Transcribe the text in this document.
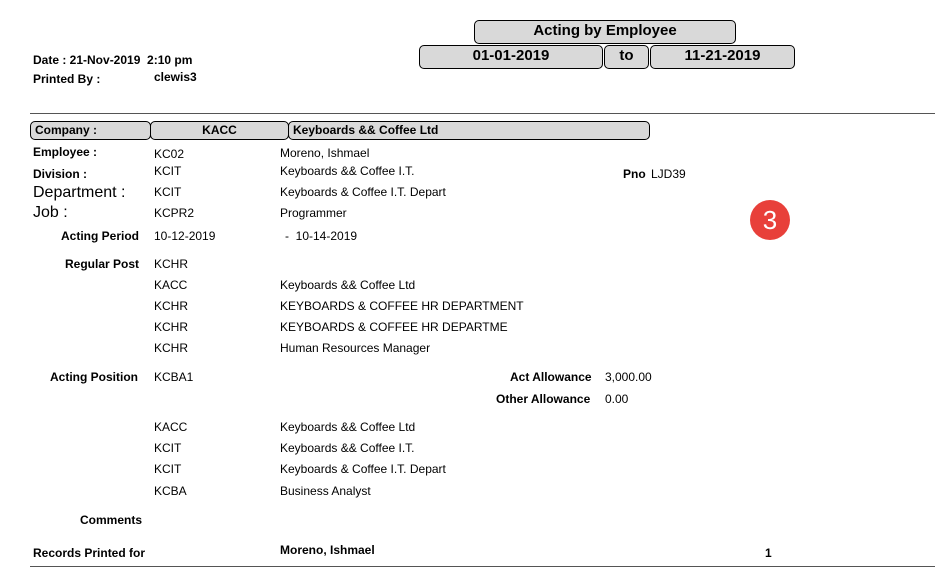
Acting by Employee
01-01-2019	to	11-21-2019
Date : 21-Nov-2019  2:10 pm
Printed By :	clewis3
Company :	KACC	Keyboards && Coffee Ltd
Employee :	KC02	Moreno, Ishmael
Division :	KCIT	Keyboards && Coffee I.T.	Pno LJD39
Department : KCIT	Keyboards & Coffee I.T. Depart
Job :	KCPR2	Programmer
Acting Period 10-12-2019	-  10-14-2019
Regular Post KCHR
KACC	Keyboards && Coffee Ltd
KCHR	KEYBOARDS & COFFEE HR DEPARTMENT
KCHR	KEYBOARDS & COFFEE HR DEPARTME
KCHR	Human Resources Manager
Acting Position KCBA1	Act Allowance 3,000.00
Other Allowance 0.00
KACC	Keyboards && Coffee Ltd
KCIT	Keyboards && Coffee I.T.
KCIT	Keyboards & Coffee I.T. Depart
KCBA	Business Analyst
Comments
Records Printed for	Moreno, Ishmael	1
3
